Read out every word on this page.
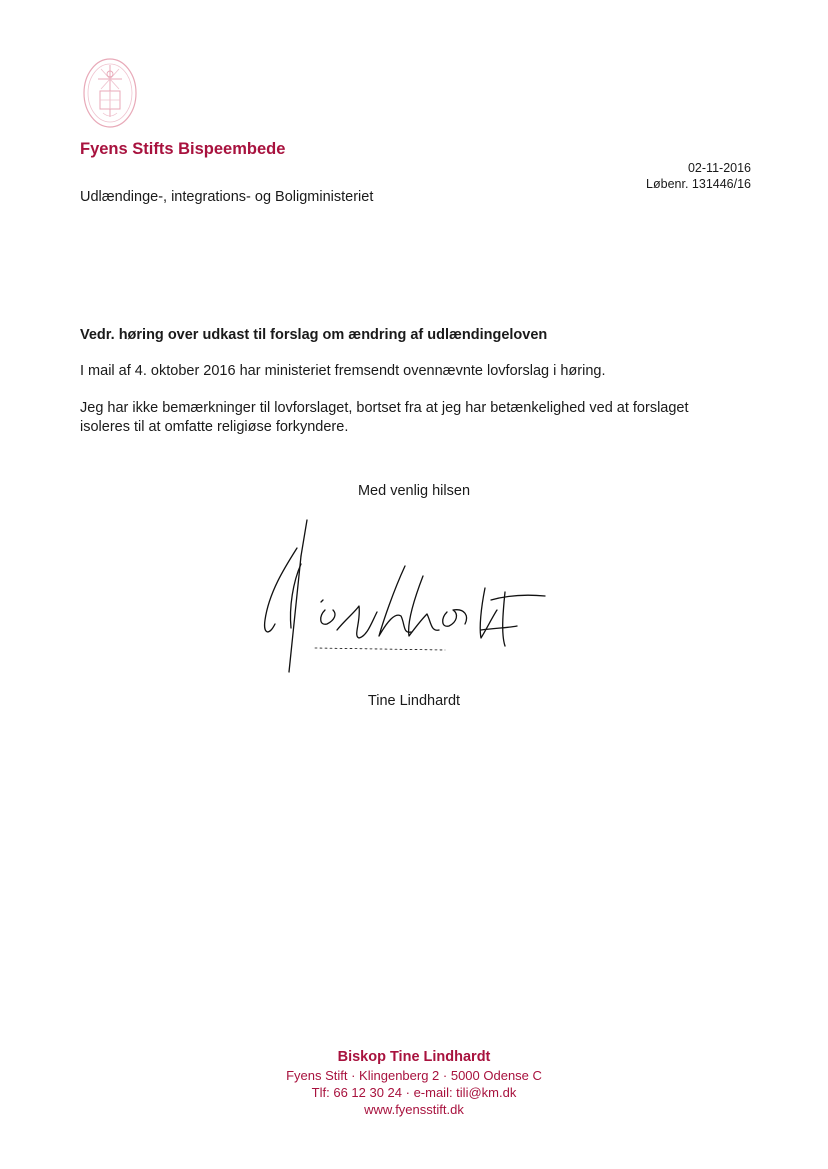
Fyens Stifts Bispeembede
02-11-2016
Løbenr. 131446/16
Udlændinge-, integrations- og Boligministeriet
Vedr. høring over udkast til forslag om ændring af udlændingeloven
I mail af 4. oktober 2016 har ministeriet fremsendt ovennævnte lovforslag i høring.
Jeg har ikke bemærkninger til lovforslaget, bortset fra at jeg har betænkelighed ved at forslaget isoleres til at omfatte religiøse forkyndere.
Med venlig hilsen
Tine Lindhardt
Biskop Tine Lindhardt
Fyens Stift · Klingenberg 2 · 5000 Odense C
Tlf: 66 12 30 24 · e-mail: tili@km.dk
www.fyensstift.dk
